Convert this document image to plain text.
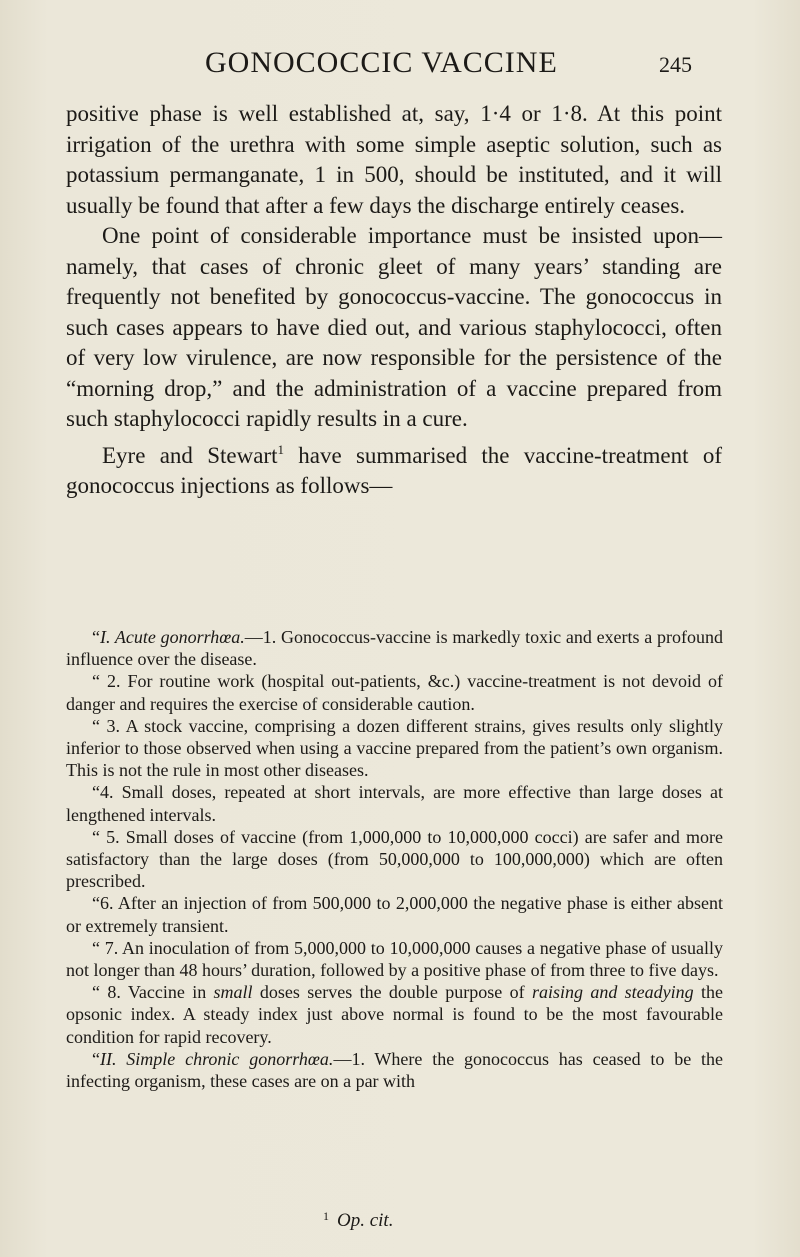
GONOCOCCIC VACCINE	245

positive phase is well established at, say, 1·4 or 1·8. At this point irrigation of the urethra with some simple aseptic solution, such as potassium permanganate, 1 in 500, should be instituted, and it will usually be found that after a few days the discharge entirely ceases.

One point of considerable importance must be insisted upon—namely, that cases of chronic gleet of many years’ standing are frequently not benefited by gonococcus-vaccine. The gonococcus in such cases appears to have died out, and various staphylococci, often of very low virulence, are now responsible for the persistence of the “morning drop,” and the administration of a vaccine prepared from such staphylococci rapidly results in a cure.

Eyre and Stewart$^1$ have summarised the vaccine-treatment of gonococcus injections as follows—

“I. Acute gonorrhœa.—1. Gonococcus-vaccine is markedly toxic and exerts a profound influence over the disease.

“ 2. For routine work (hospital out-patients, &c.) vaccine-treatment is not devoid of danger and requires the exercise of considerable caution.

“ 3. A stock vaccine, comprising a dozen different strains, gives results only slightly inferior to those observed when using a vaccine prepared from the patient’s own organism. This is not the rule in most other diseases.

“4. Small doses, repeated at short intervals, are more effective than large doses at lengthened intervals.

“ 5. Small doses of vaccine (from 1,000,000 to 10,000,000 cocci) are safer and more satisfactory than the large doses (from 50,000,000 to 100,000,000) which are often prescribed.

“6. After an injection of from 500,000 to 2,000,000 the negative phase is either absent or extremely transient.

“ 7. An inoculation of from 5,000,000 to 10,000,000 causes a negative phase of usually not longer than 48 hours’ duration, followed by a positive phase of from three to five days.

“ 8. Vaccine in small doses serves the double purpose of raising and steadying the opsonic index. A steady index just above normal is found to be the most favourable condition for rapid recovery.

“II. Simple chronic gonorrhœa.—1. Where the gonococcus has ceased to be the infecting organism, these cases are on a par with

$^1$ Op. cit.
